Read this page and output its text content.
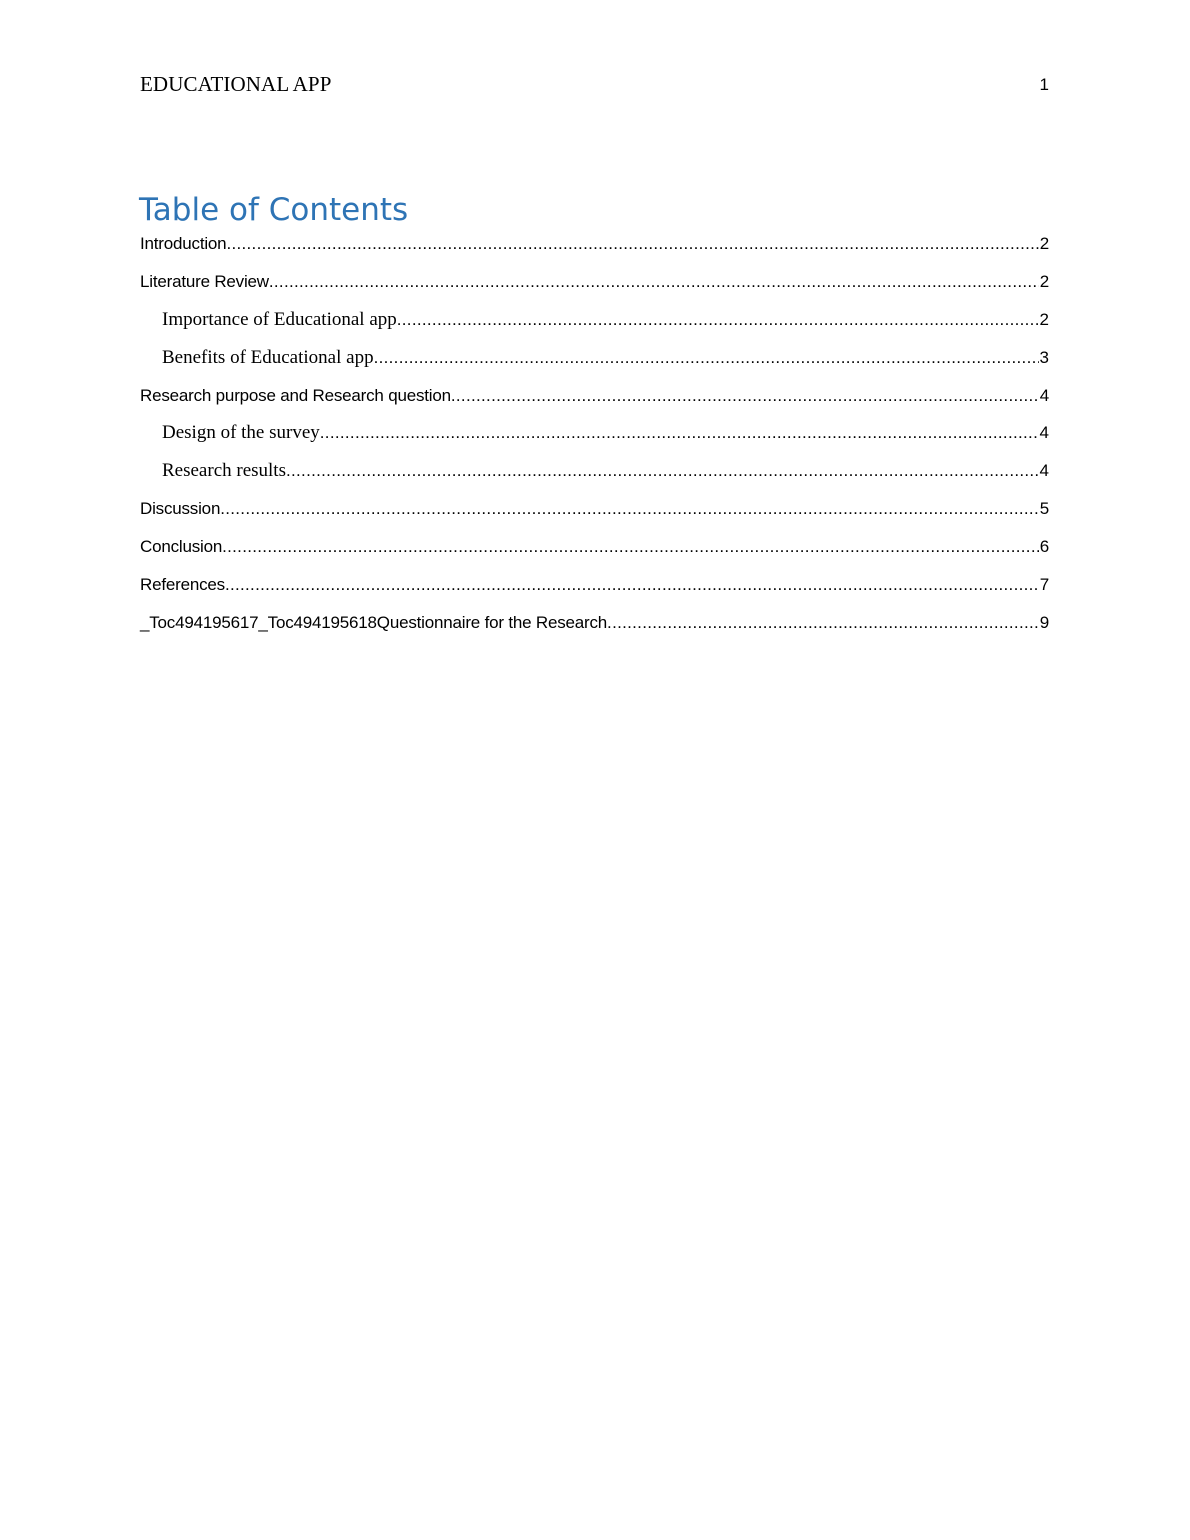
EDUCATIONAL APP	1
Table of Contents
Introduction .....	2
Literature Review .....	2
Importance of Educational app .....	2
Benefits of Educational app .....	3
Research purpose and Research question .....	4
Design of the survey .....	4
Research results .....	4
Discussion .....	5
Conclusion .....	6
References .....	7
_Toc494195617_Toc494195618Questionnaire for the Research .....	9
